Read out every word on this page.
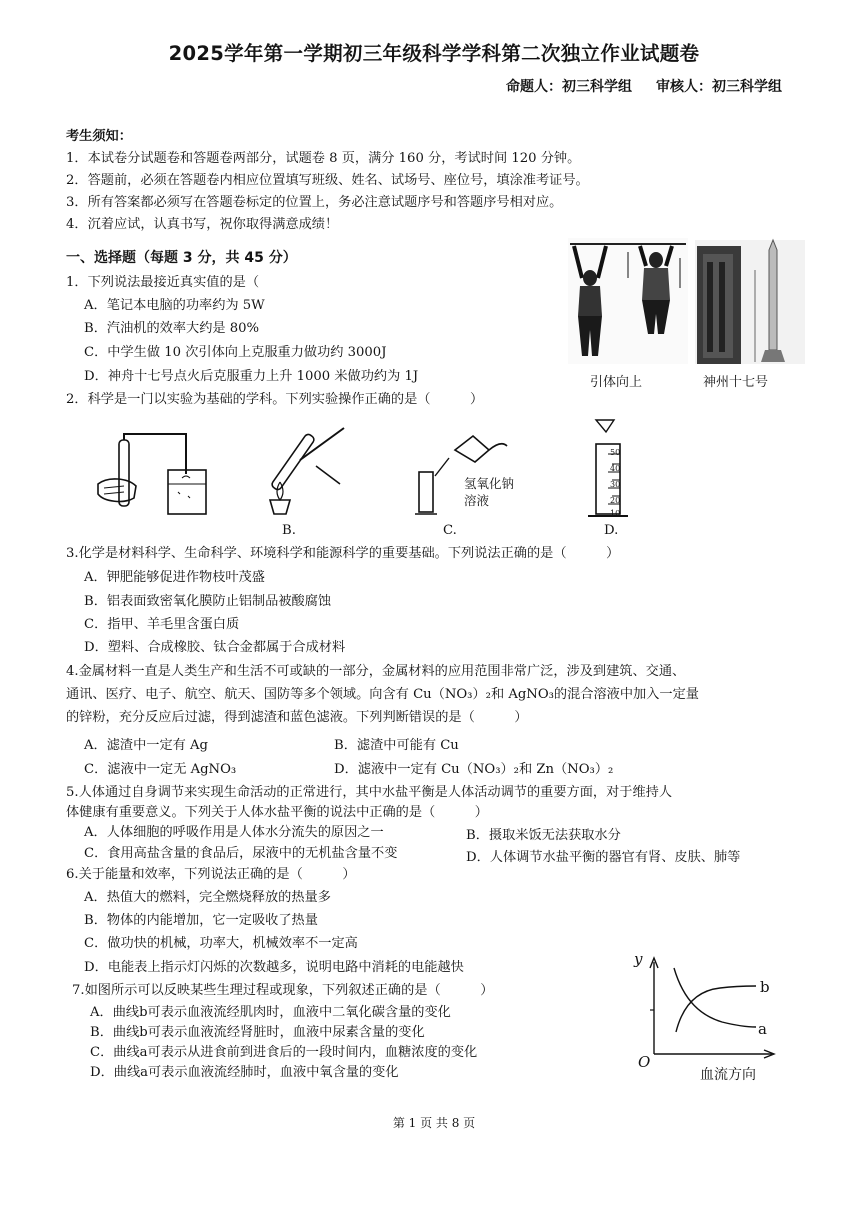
2025学年第一学期初三年级科学学科第二次独立作业试题卷
命题人：初三科学组 审核人：初三科学组
考生须知：
1．本试卷分试题卷和答题卷两部分，试题卷 8 页，满分 160 分，考试时间 120 分钟。
2．答题前，必须在答题卷内相应位置填写班级、姓名、试场号、座位号，填涂准考证号。
3．所有答案都必须写在答题卷标定的位置上，务必注意试题序号和答题序号相对应。
4．沉着应试，认真书写，祝你取得满意成绩！
一、选择题（每题 3 分，共 45 分）
1．下列说法最接近真实值的是（
A．笔记本电脑的功率约为 5W
B．汽油机的效率大约是 80%
C．中学生做 10 次引体向上克服重力做功约 3000J
D．神舟十七号点火后克服重力上升 1000 米做功约为 1J	引体向上	神州十七号
2．科学是一门以实验为基础的学科。下列实验操作正确的是（　　　）
氢氧化钠
溶液
50
40
30
20
10
B.	C.	D.
3.化学是材料科学、生命科学、环境科学和能源科学的重要基础。下列说法正确的是（　　　）
A．钾肥能够促进作物枝叶茂盛
B．铝表面致密氧化膜防止铝制品被酸腐蚀
C．指甲、羊毛里含蛋白质
D．塑料、合成橡胶、钛合金都属于合成材料
4.金属材料一直是人类生产和生活不可或缺的一部分，金属材料的应用范围非常广泛，涉及到建筑、交通、
通讯、医疗、电子、航空、航天、国防等多个领域。向含有 Cu（NO₃）₂和 AgNO₃的混合溶液中加入一定量
的锌粉，充分反应后过滤，得到滤渣和蓝色滤液。下列判断错误的是（　　　）
A．滤渣中一定有 Ag	B．滤渣中可能有 Cu
C．滤液中一定无 AgNO₃	D．滤液中一定有 Cu（NO₃）₂和 Zn（NO₃）₂
5.人体通过自身调节来实现生命活动的正常进行，其中水盐平衡是人体活动调节的重要方面，对于维持人
体健康有重要意义。下列关于人体水盐平衡的说法中正确的是（　　　）
A．人体细胞的呼吸作用是人体水分流失的原因之一	B．摄取米饭无法获取水分
C．食用高盐含量的食品后，尿液中的无机盐含量不变	D．人体调节水盐平衡的器官有肾、皮肤、肺等
6.关于能量和效率，下列说法正确的是（　　　）
A．热值大的燃料，完全燃烧释放的热量多
B．物体的内能增加，它一定吸收了热量
C．做功快的机械，功率大，机械效率不一定高
D．电能表上指示灯闪烁的次数越多，说明电路中消耗的电能越快
7.如图所示可以反映某些生理过程或现象，下列叙述正确的是（　　　）
A．曲线b可表示血液流经肌肉时，血液中二氧化碳含量的变化
B．曲线b可表示血液流经肾脏时，血液中尿素含量的变化
C．曲线a可表示从进食前到进食后的一段时间内，血糖浓度的变化
D．曲线a可表示血液流经肺时，血液中氧含量的变化
y
O
b
a
血流方向
第 1 页 共 8 页
